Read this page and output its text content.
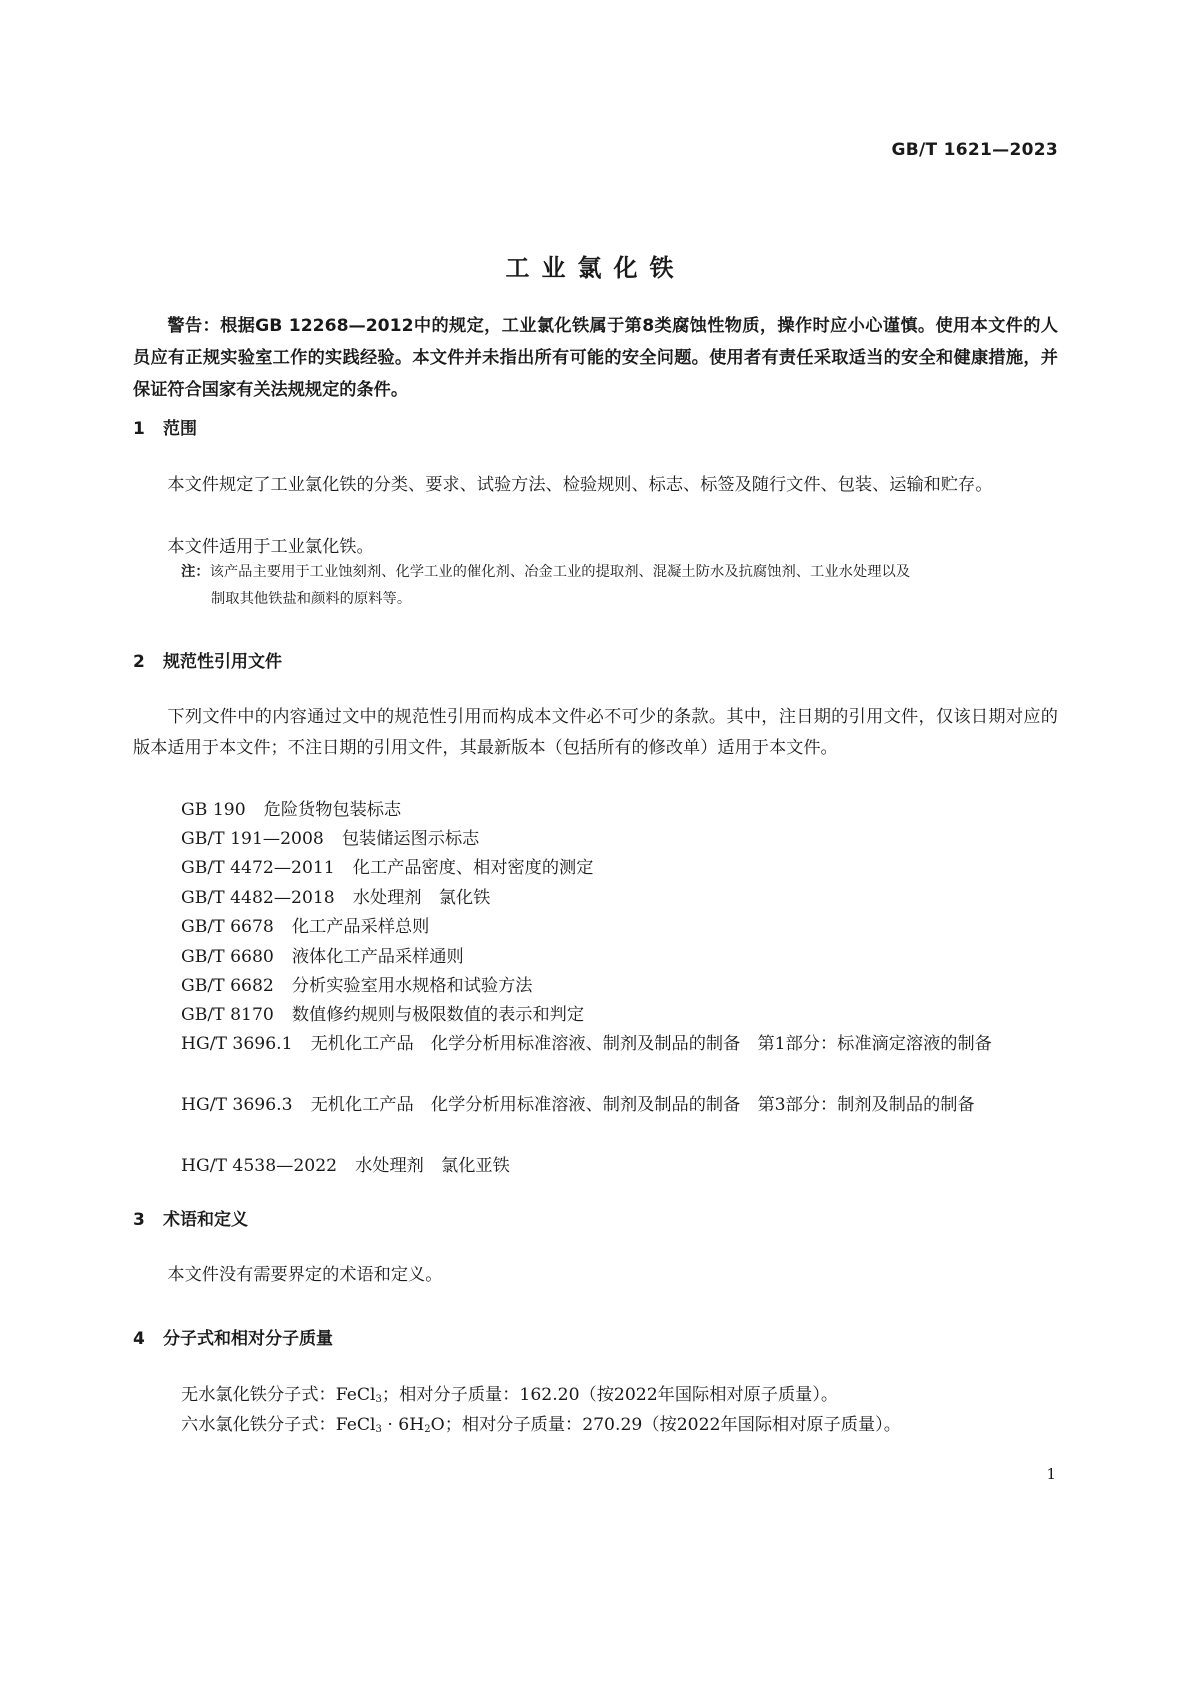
GB/T 1621—2023
工业氯化铁
警告：根据GB 12268—2012中的规定，工业氯化铁属于第8类腐蚀性物质，操作时应小心谨慎。使用本文件的人员应有正规实验室工作的实践经验。本文件并未指出所有可能的安全问题。使用者有责任采取适当的安全和健康措施，并保证符合国家有关法规规定的条件。
1 范围
本文件规定了工业氯化铁的分类、要求、试验方法、检验规则、标志、标签及随行文件、包装、运输和贮存。
本文件适用于工业氯化铁。
注：该产品主要用于工业蚀刻剂、化学工业的催化剂、冶金工业的提取剂、混凝土防水及抗腐蚀剂、工业水处理以及
制取其他铁盐和颜料的原料等。
2 规范性引用文件
下列文件中的内容通过文中的规范性引用而构成本文件必不可少的条款。其中，注日期的引用文件，仅该日期对应的版本适用于本文件；不注日期的引用文件，其最新版本（包括所有的修改单）适用于本文件。
GB 190 危险货物包装标志
GB/T 191—2008 包装储运图示标志
GB/T 4472—2011 化工产品密度、相对密度的测定
GB/T 4482—2018 水处理剂　氯化铁
GB/T 6678 化工产品采样总则
GB/T 6680 液体化工产品采样通则
GB/T 6682 分析实验室用水规格和试验方法
GB/T 8170 数值修约规则与极限数值的表示和判定
HG/T 3696.1 无机化工产品　化学分析用标准溶液、制剂及制品的制备　第1部分：标准滴定溶液的制备
HG/T 3696.3 无机化工产品　化学分析用标准溶液、制剂及制品的制备　第3部分：制剂及制品的制备
HG/T 4538—2022 水处理剂　氯化亚铁
3 术语和定义
本文件没有需要界定的术语和定义。
4 分子式和相对分子质量
无水氯化铁分子式：FeCl$_3$；相对分子质量：162.20（按2022年国际相对原子质量）。
六水氯化铁分子式：FeCl$_3$ · $6H_2O$；相对分子质量：270.29（按2022年国际相对原子质量）。
1
